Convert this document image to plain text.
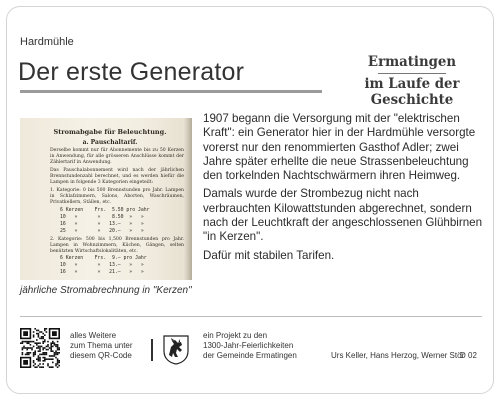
Hardmühle
Der erste Generator	Ermatingen
im Laufe der Geschichte
Stromabgabe für Beleuchtung.
a. Pauschaltarif.
Derselbe kommt nur für Abonnemente bis zu 50 Kerzen in Anwendung, für alle grösseren Anschlüsse kommt der Zählertarif in Anwendung.
Das Pauschalabonnement wird nach der jährlichen Brennstundenzahl berechnet, und es werden hiefür die Lampen in folgende 3 Kategorien eingeteilt:
1. Kategorie: 0 bis 500 Brennstunden pro Jahr. Lampen in Schlafzimmern, Salons, Aborten, Waschräumen, Privatkellern, Ställen, etc.
6 Kerzen    Frs.  5.50 pro Jahr
10   »       »    8.50  »   »
16   »       »   13.—   »   »
25   »       »   20.—   »   »
2. Kategorie: 500 bis 1,500 Brennstunden pro Jahr. Lampen in Wohnzimmern, Küchen, Gängen, selten benützten Wirtschaftslokalitäten, etc.
6 Kerzen    Frs.  9.— pro Jahr
10   »       »   13.—   »   »
16   »       »   21.—   »   »
jährliche Stromabrechnung in "Kerzen"

1907 begann die Versorgung mit der "elektrischen Kraft": ein Generator hier in der Hardmühle versorgte vorerst nur den renommierten Gasthof Adler; zwei Jahre später erhellte die neue Strassenbeleuchtung den torkelnden Nachtschwärmern ihren Heimweg.

Damals wurde der Strombezug nicht nach verbrauchten Kilowattstunden abgerechnet, sondern nach der Leuchtkraft der angeschlossenen Glühbirnen "in Kerzen".

Dafür mit stabilen Tarifen.

alles Weitere
zum Thema unter
diesem QR-Code
ein Projekt zu den
1300-Jahr-Feierlichkeiten
der Gemeinde Ermatingen	Urs Keller, Hans Herzog, Werner Stör
D 02
